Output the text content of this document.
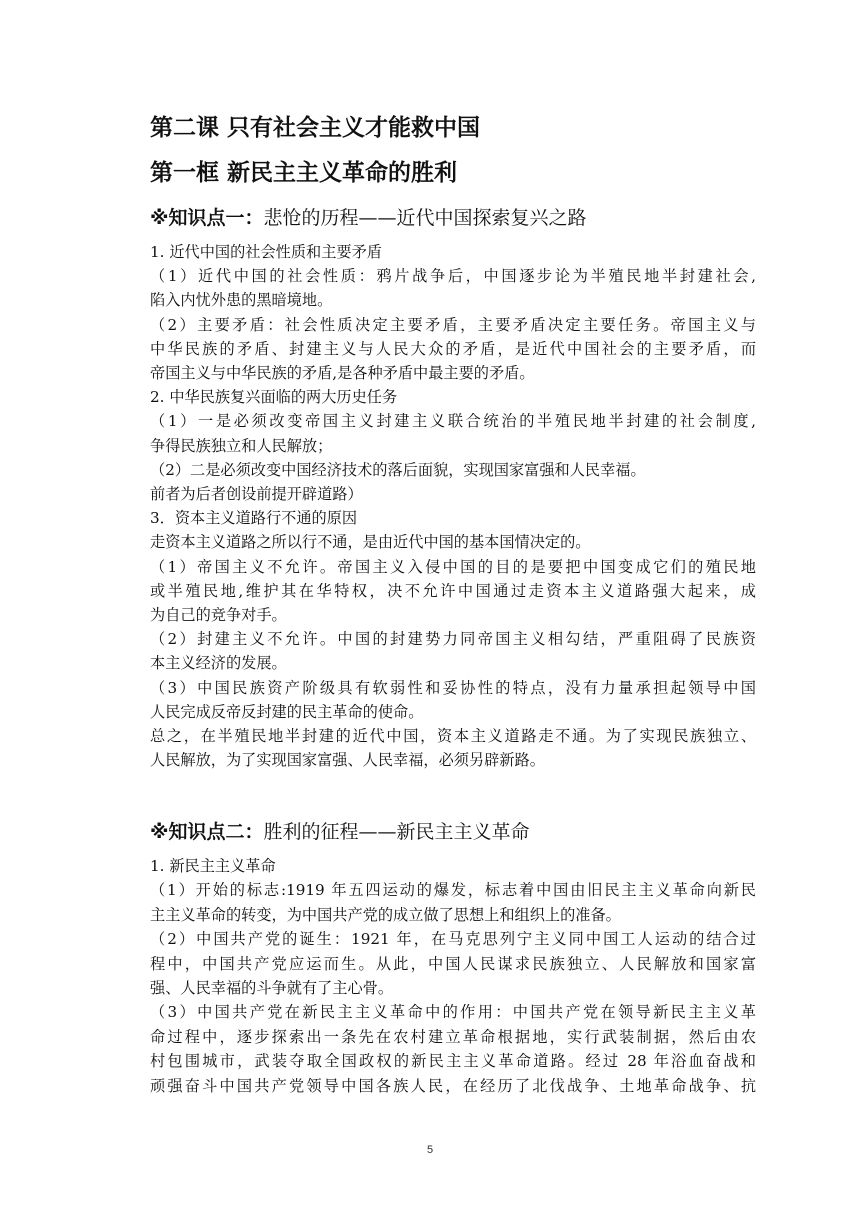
第二课 只有社会主义才能救中国
第一框 新民主主义革命的胜利
※知识点一：悲怆的历程——近代中国探索复兴之路
1. 近代中国的社会性质和主要矛盾
（1）近代中国的社会性质：鸦片战争后，中国逐步论为半殖民地半封建社会,
陷入内忧外患的黑暗境地。
（2）主要矛盾：社会性质决定主要矛盾，主要矛盾决定主要任务。帝国主义与
中华民族的矛盾、封建主义与人民大众的矛盾，是近代中国社会的主要矛盾，而
帝国主义与中华民族的矛盾,是各种矛盾中最主要的矛盾。
2. 中华民族复兴面临的两大历史任务
（1）一是必须改变帝国主义封建主义联合统治的半殖民地半封建的社会制度,
争得民族独立和人民解放；
（2）二是必须改变中国经济技术的落后面貌，实现国家富强和人民幸福。
前者为后者创设前提开辟道路）
3．资本主义道路行不通的原因
走资本主义道路之所以行不通，是由近代中国的基本国情决定的。
（1）帝国主义不允许。帝国主义入侵中国的目的是要把中国变成它们的殖民地
或半殖民地,维护其在华特权，决不允许中国通过走资本主义道路强大起来，成
为自己的竞争对手。
（2）封建主义不允许。中国的封建势力同帝国主义相勾结，严重阻碍了民族资
本主义经济的发展。
（3）中国民族资产阶级具有软弱性和妥协性的特点，没有力量承担起领导中国
人民完成反帝反封建的民主革命的使命。
总之，在半殖民地半封建的近代中国，资本主义道路走不通。为了实现民族独立、
人民解放，为了实现国家富强、人民幸福，必须另辟新路。
※知识点二：胜利的征程——新民主主义革命
1. 新民主主义革命
（1）开始的标志:1919 年五四运动的爆发，标志着中国由旧民主主义革命向新民
主主义革命的转变，为中国共产党的成立做了思想上和组织上的准备。
（2）中国共产党的诞生：1921 年，在马克思列宁主义同中国工人运动的结合过
程中，中国共产党应运而生。从此，中国人民谋求民族独立、人民解放和国家富
强、人民幸福的斗争就有了主心骨。
（3）中国共产党在新民主主义革命中的作用：中国共产党在领导新民主主义革
命过程中，逐步探索出一条先在农村建立革命根据地，实行武装制据，然后由农
村包围城市，武装夺取全国政权的新民主主义革命道路。经过 28 年浴血奋战和
顽强奋斗中国共产党领导中国各族人民，在经历了北伐战争、土地革命战争、抗
5
